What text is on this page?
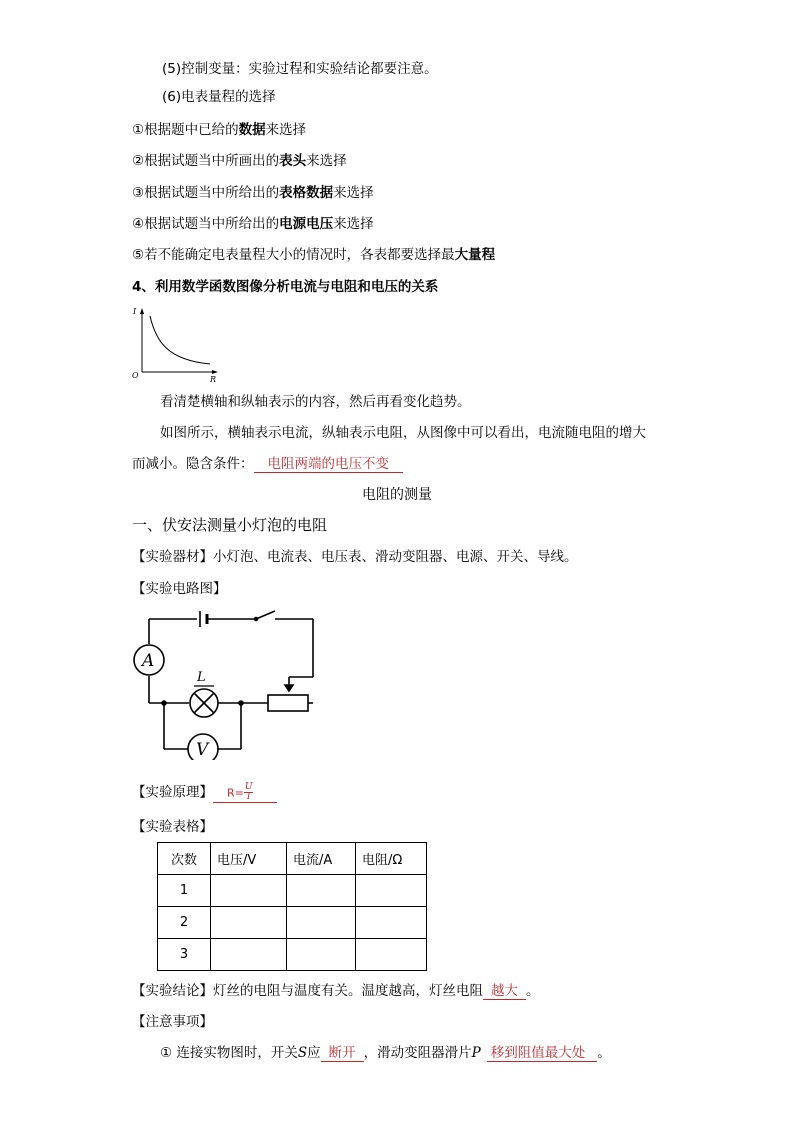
(5)控制变量：实验过程和实验结论都要注意。
(6)电表量程的选择
①根据题中已给的数据来选择
②根据试题当中所画出的表头来选择
③根据试题当中所给出的表格数据来选择
④根据试题当中所给出的电源电压来选择
⑤若不能确定电表量程大小的情况时，各表都要选择最大量程
4、利用数学函数图像分析电流与电阻和电压的关系
I
O	R
看清楚横轴和纵轴表示的内容，然后再看变化趋势。
如图所示，横轴表示电流，纵轴表示电阻，从图像中可以看出，电流随电阻的增大
而减小。隐含条件： 电阻两端的电压不变
电阻的测量
一、伏安法测量小灯泡的电阻
【实验器材】小灯泡、电流表、电压表、滑动变阻器、电源、开关、导线。
【实验电路图】
A
V
L
【实验原理】 $R= \frac{U}{I}$
【实验表格】
次数	电压/V	电流/A	电阻/Ω
1			
2			
3			
【实验结论】灯丝的电阻与温度有关。温度越高，灯丝电阻 越大 。
【注意事项】
① 连接实物图时，开关S应 断开 ，滑动变阻器滑片P 移到阻值最大处 。
